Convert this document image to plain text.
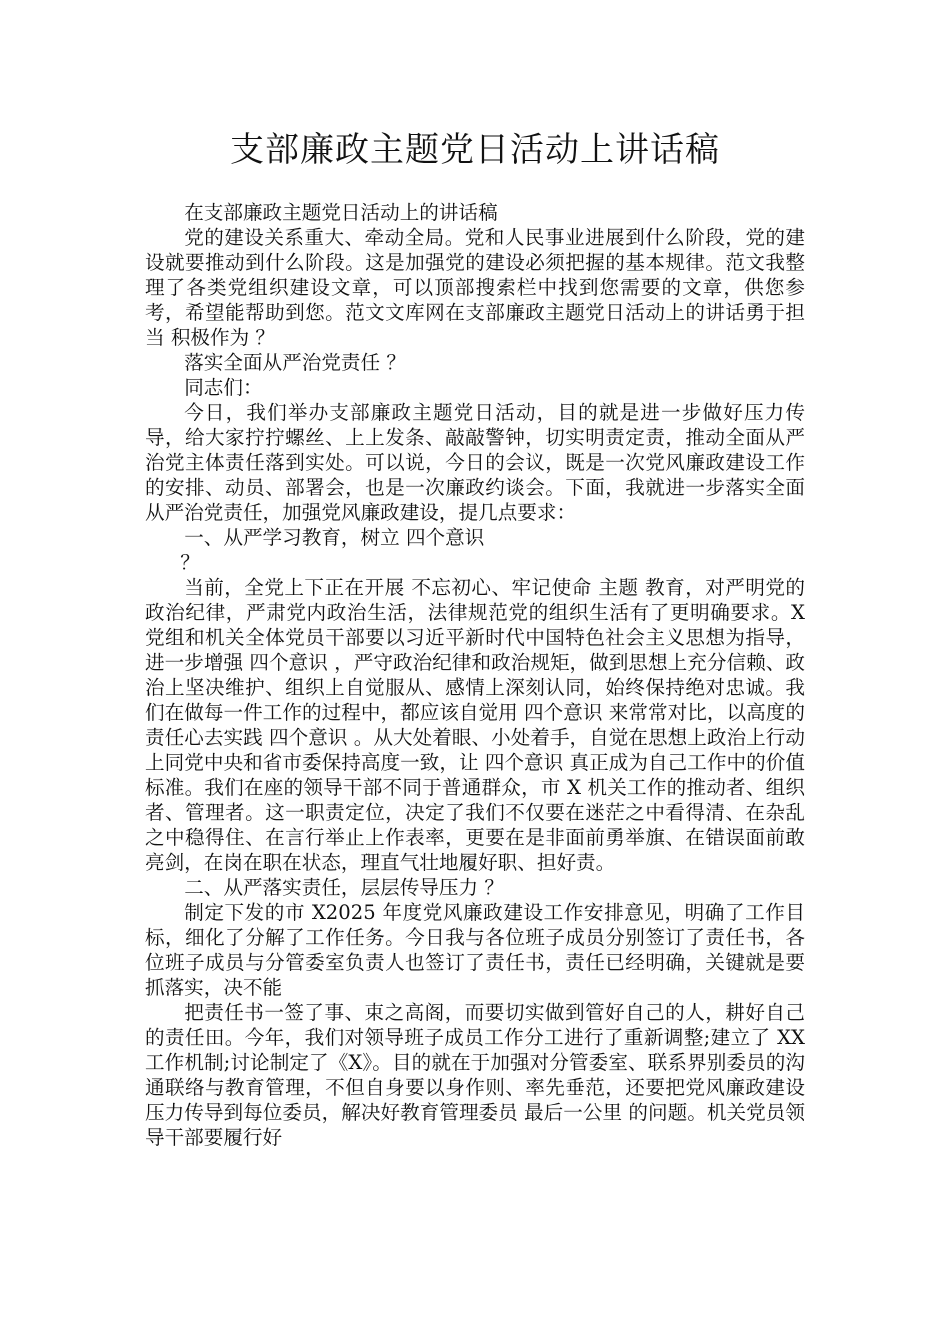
支部廉政主题党日活动上讲话稿

在支部廉政主题党日活动上的讲话稿

党的建设关系重大、牵动全局。党和人民事业进展到什么阶段，党的建设就要推动到什么阶段。这是加强党的建设必须把握的基本规律。范文我整理了各类党组织建设文章，可以顶部搜索栏中找到您需要的文章，供您参考，希望能帮助到您。范文文库网在支部廉政主题党日活动上的讲话勇于担当 积极作为 ？

落实全面从严治党责任 ？

同志们：

今日，我们举办支部廉政主题党日活动，目的就是进一步做好压力传导，给大家拧拧螺丝、上上发条、敲敲警钟，切实明责定责，推动全面从严治党主体责任落到实处。可以说，今日的会议，既是一次党风廉政建设工作的安排、动员、部署会，也是一次廉政约谈会。下面，我就进一步落实全面从严治党责任，加强党风廉政建设，提几点要求：

一、从严学习教育，树立 四个意识

？

当前，全党上下正在开展 不忘初心、牢记使命 主题 教育，对严明党的政治纪律，严肃党内政治生活，法律规范党的组织生活有了更明确要求。X 党组和机关全体党员干部要以习近平新时代中国特色社会主义思想为指导，进一步增强 四个意识 ，严守政治纪律和政治规矩，做到思想上充分信赖、政治上坚决维护、组织上自觉服从、感情上深刻认同，始终保持绝对忠诚。我们在做每一件工作的过程中，都应该自觉用 四个意识 来常常对比，以高度的责任心去实践 四个意识 。从大处着眼、小处着手，自觉在思想上政治上行动上同党中央和省市委保持高度一致，让 四个意识 真正成为自己工作中的价值标准。我们在座的领导干部不同于普通群众，市 X 机关工作的推动者、组织者、管理者。这一职责定位，决定了我们不仅要在迷茫之中看得清、在杂乱之中稳得住、在言行举止上作表率，更要在是非面前勇举旗、在错误面前敢亮剑，在岗在职在状态，理直气壮地履好职、担好责。

二、从严落实责任，层层传导压力 ？

制定下发的市 X2025 年度党风廉政建设工作安排意见，明确了工作目标，细化了分解了工作任务。今日我与各位班子成员分别签订了责任书，各位班子成员与分管委室负责人也签订了责任书，责任已经明确，关键就是要抓落实，决不能

把责任书一签了事、束之高阁，而要切实做到管好自己的人，耕好自己的责任田。今年，我们对领导班子成员工作分工进行了重新调整;建立了 XX 工作机制;讨论制定了《X》。目的就在于加强对分管委室、联系界别委员的沟通联络与教育管理，不但自身要以身作则、率先垂范，还要把党风廉政建设压力传导到每位委员，解决好教育管理委员 最后一公里 的问题。机关党员领导干部要履行好
